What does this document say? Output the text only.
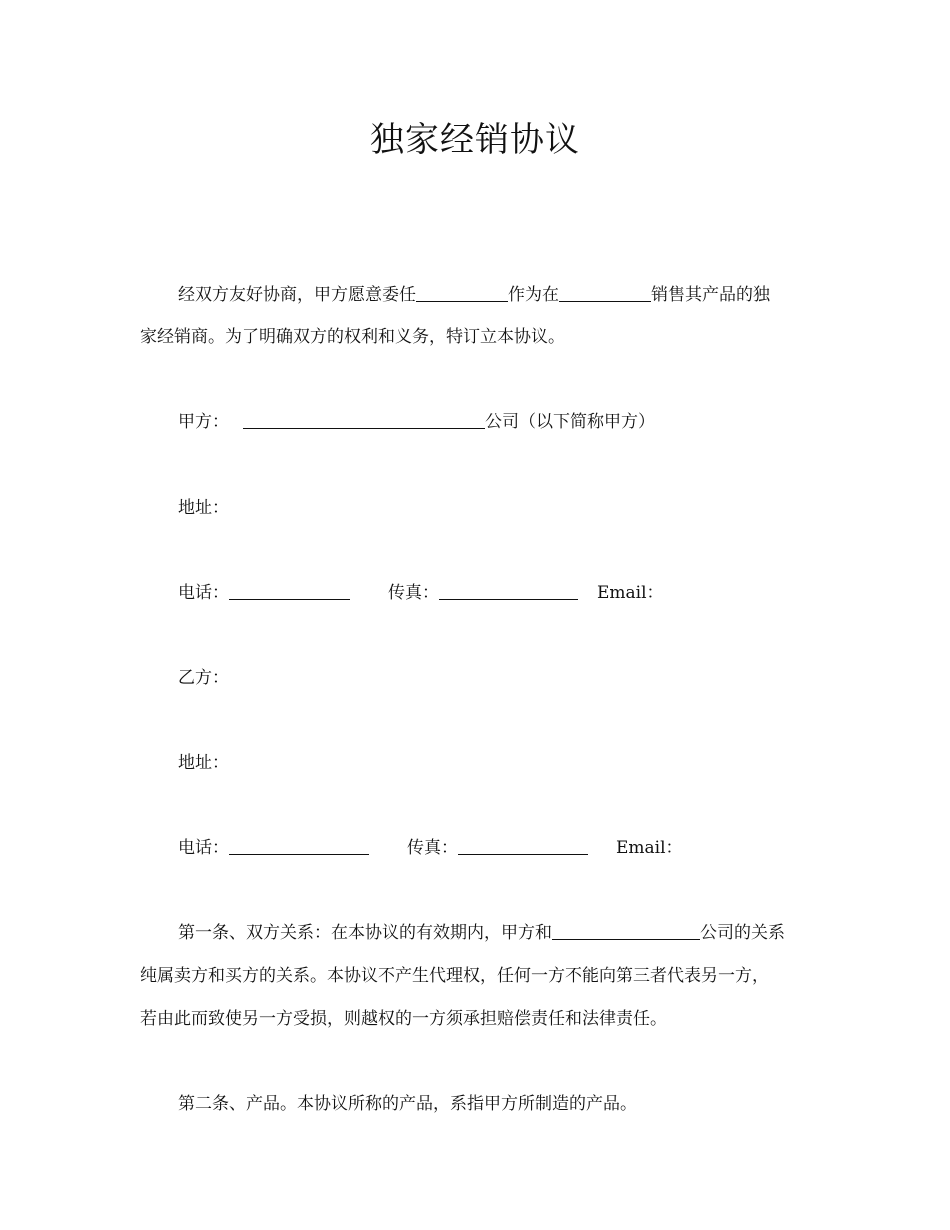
独家经销协议
经双方友好协商，甲方愿意委任	作为在	销售其产品的独
家经销商。为了明确双方的权利和义务，特订立本协议。
甲方：	公司（以下简称甲方）
地址：
电话：	传真：	Email：
乙方：
地址：
电话：	传真：	Email：
第一条、双方关系：在本协议的有效期内，甲方和	公司的关系
纯属卖方和买方的关系。本协议不产生代理权，任何一方不能向第三者代表另一方，
若由此而致使另一方受损，则越权的一方须承担赔偿责任和法律责任。
第二条、产品。本协议所称的产品，系指甲方所制造的产品。
